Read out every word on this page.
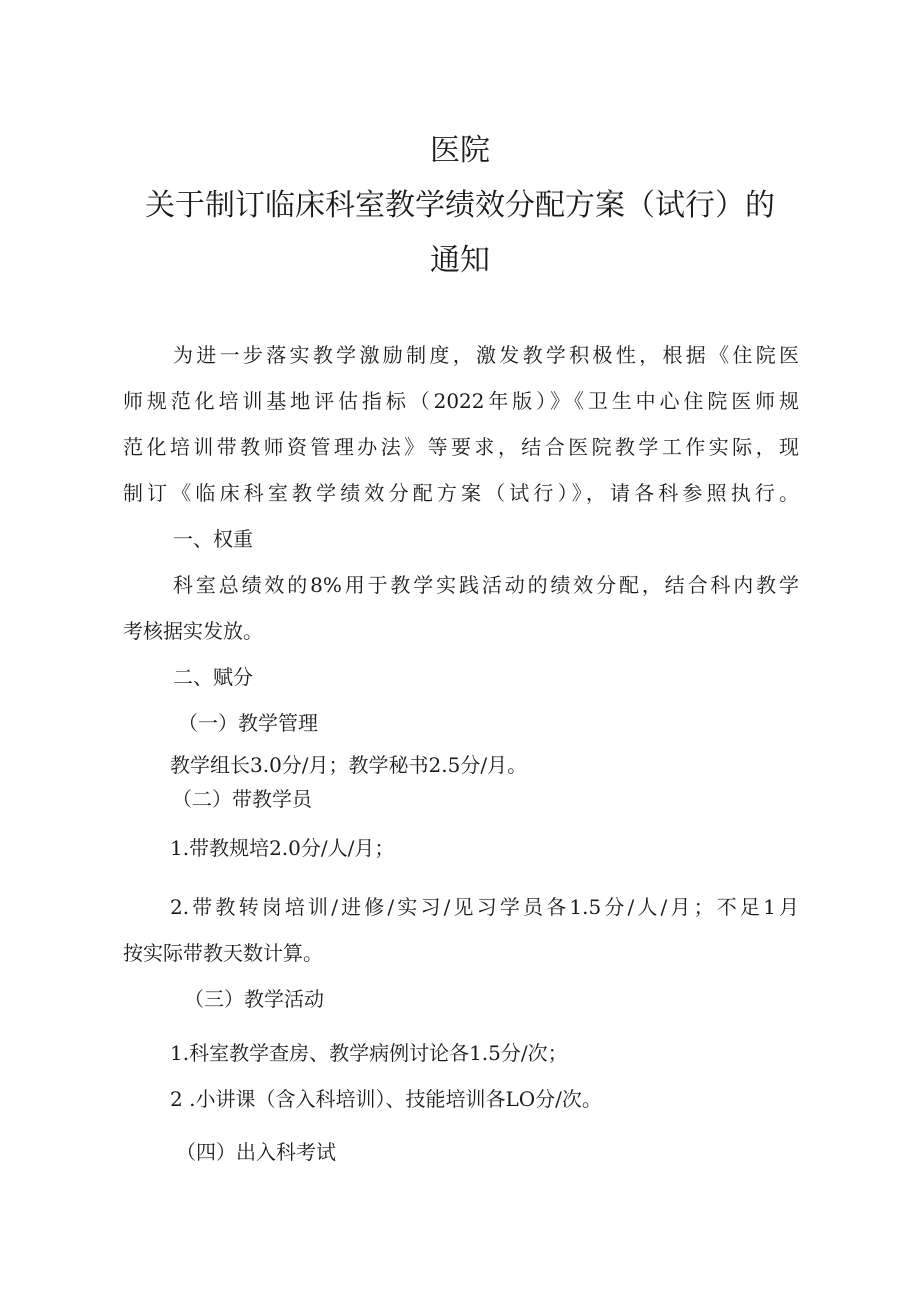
医院
关于制订临床科室教学绩效分配方案（试行）的
通知
为进一步落实教学激励制度，激发教学积极性，根据《住院医
师规范化培训基地评估指标（2022年版）》《卫生中心住院医师规
范化培训带教师资管理办法》等要求，结合医院教学工作实际，现
制订《临床科室教学绩效分配方案（试行）》，请各科参照执行。
一、权重
科室总绩效的8%用于教学实践活动的绩效分配，结合科内教学
考核据实发放。
二、赋分
（一）教学管理
教学组长3.0分/月；教学秘书2.5分/月。
（二）带教学员
1.带教规培2.0分/人/月；
2.带教转岗培训/进修/实习/见习学员各1.5分/人/月；不足1月
按实际带教天数计算。
（三）教学活动
1.科室教学查房、教学病例讨论各1.5分/次；
2 .小讲课（含入科培训）、技能培训各LO分/次。
（四）出入科考试
